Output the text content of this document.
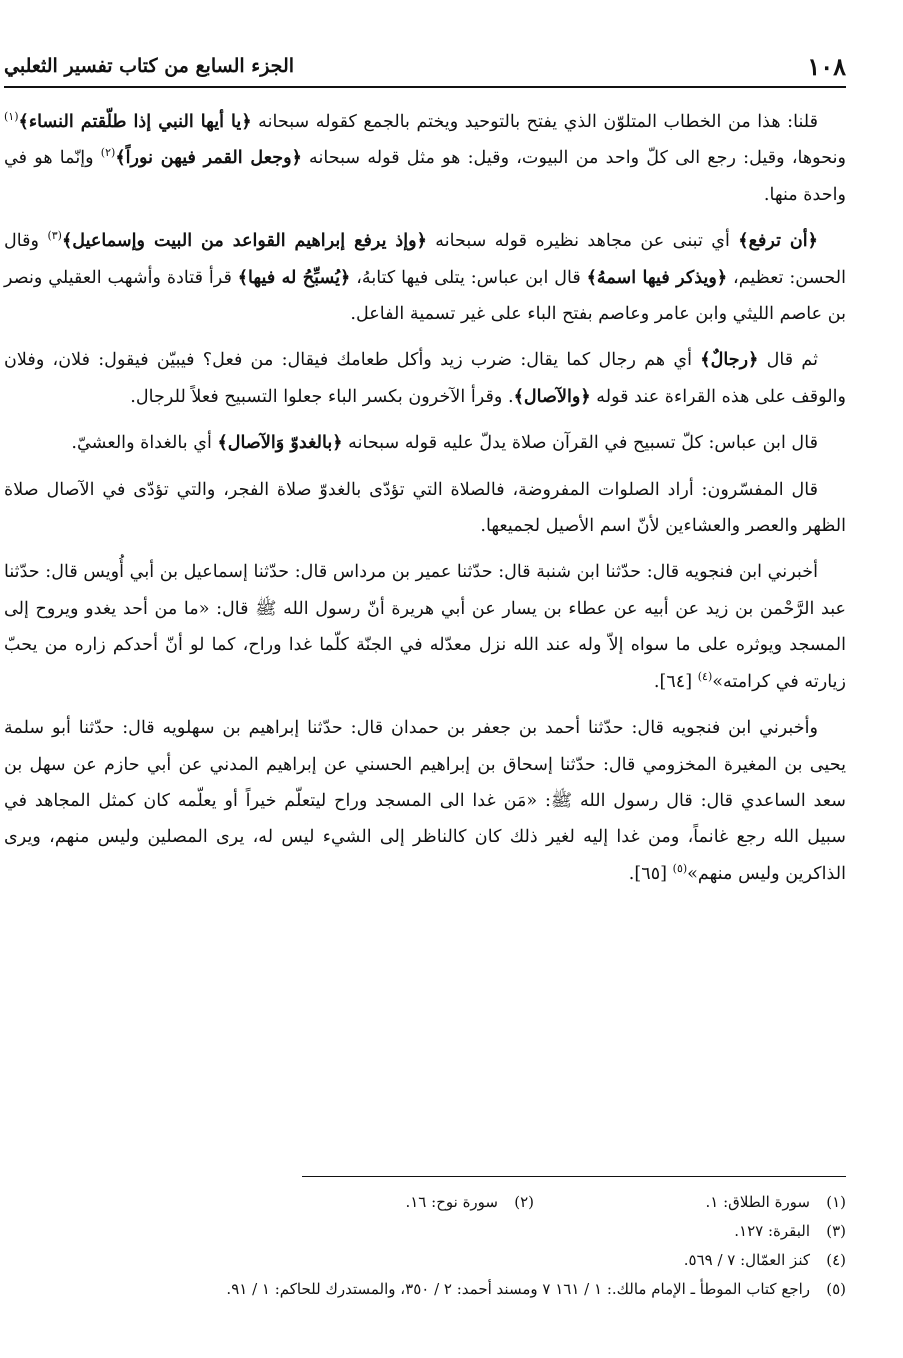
١٠٨
الجزء السابع من كتاب تفسير الثعلبي

قلنا: هذا من الخطاب المتلوّن الذي يفتح بالتوحيد ويختم بالجمع كقوله سبحانه ﴿يا أيها النبي إذا طلّقتم النساء﴾$^{(١)}$ ونحوها، وقيل: رجع الى كلّ واحد من البيوت، وقيل: هو مثل قوله سبحانه ﴿وجعل القمر فيهن نوراً﴾$^{(٢)}$ وإنّما هو في واحدة منها.

﴿أن ترفع﴾ أي تبنى عن مجاهد نظيره قوله سبحانه ﴿وإذ يرفع إبراهيم القواعد من البيت وإسماعيل﴾$^{(٣)}$ وقال الحسن: تعظيم، ﴿ويذكر فيها اسمهُ﴾ قال ابن عباس: يتلى فيها كتابهُ، ﴿يُسبِّحُ له فيها﴾ قرأ قتادة وأشهب العقيلي ونصر بن عاصم الليثي وابن عامر وعاصم بفتح الباء على غير تسمية الفاعل.

ثم قال ﴿رجالٌ﴾ أي هم رجال كما يقال: ضرب زيد وأكل طعامك فيقال: من فعل؟ فيبيّن فيقول: فلان، وفلان والوقف على هذه القراءة عند قوله ﴿والآصال﴾. وقرأ الآخرون بكسر الباء جعلوا التسبيح فعلاً للرجال.

قال ابن عباس: كلّ تسبيح في القرآن صلاة يدلّ عليه قوله سبحانه ﴿بالغدوّ وَالآصال﴾ أي بالغداة والعشيّ.

قال المفسّرون: أراد الصلوات المفروضة، فالصلاة التي تؤدّى بالغدوّ صلاة الفجر، والتي تؤدّى في الآصال صلاة الظهر والعصر والعشاءين لأنّ اسم الأصيل لجميعها.

أخبرني ابن فنجويه قال: حدّثنا ابن شنبة قال: حدّثنا عمير بن مرداس قال: حدّثنا إسماعيل بن أبي أُويس قال: حدّثنا عبد الرَّحْمن بن زيد عن أبيه عن عطاء بن يسار عن أبي هريرة أنّ رسول الله ﷺ قال: «ما من أحد يغدو ويروح إلى المسجد ويوثره على ما سواه إلاّ وله عند الله نزل معدّله في الجنّة كلّما غدا وراح، كما لو أنّ أحدكم زاره من يحبّ زيارته في كرامته»$^{(٤)}$ [٦٤].

وأخبرني ابن فنجويه قال: حدّثنا أحمد بن جعفر بن حمدان قال: حدّثنا إبراهيم بن سهلويه قال: حدّثنا أبو سلمة يحيى بن المغيرة المخزومي قال: حدّثنا إسحاق بن إبراهيم الحسني عن إبراهيم المدني عن أبي حازم عن سهل بن سعد الساعدي قال: قال رسول الله ﷺ: «مَن غدا الى المسجد وراح ليتعلّم خيراً أو يعلّمه كان كمثل المجاهد في سبيل الله رجع غانماً، ومن غدا إليه لغير ذلك كان كالناظر إلى الشيء ليس له، يرى المصلين وليس منهم، ويرى الذاكرين وليس منهم»$^{(٥)}$ [٦٥].

(١)سورة الطلاق: ١.
(٢)سورة نوح: ١٦.
(٣)البقرة: ١٢٧.
(٤)كنز العمّال: ٧ / ٥٦٩.
(٥)راجع كتاب الموطأ ـ الإمام مالك.: ١ / ١٦١ ٧ ومسند أحمد: ٢ / ٣٥٠، والمستدرك للحاكم: ١ / ٩١.
